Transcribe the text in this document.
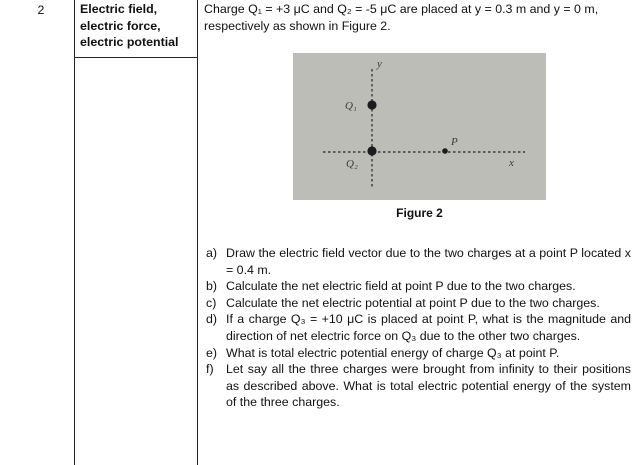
2	Electric field,
electric force,
electric potential
Charge Q₁ = +3 μC and Q₂ = -5 μC are placed at y = 0.3 m and y = 0 m,
respectively as shown in Figure 2.
y
x
Q₁
Q₂
P
Figure 2
a) Draw the electric field vector due to the two charges at a point P located x = 0.4 m.
b) Calculate the net electric field at point P due to the two charges.
c) Calculate the net electric potential at point P due to the two charges.
d) If a charge Q₃ = +10 μC is placed at point P, what is the magnitude and direction of net electric force on Q₃ due to the other two charges.
e) What is total electric potential energy of charge Q₃ at point P.
f) Let say all the three charges were brought from infinity to their positions as described above. What is total electric potential energy of the system of the three charges.
